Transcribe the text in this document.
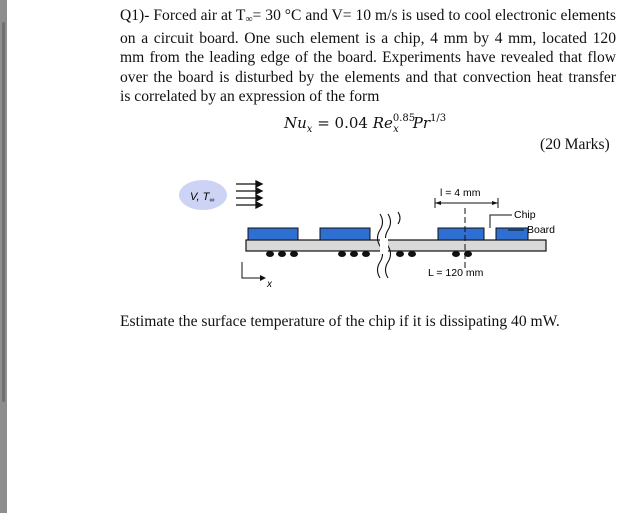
Q1)- Forced air at $T_\infty= 30$ °C and V= 10 m/s is used to cool electronic elements
on a circuit board. One such element is a chip, 4 mm by 4 mm, located 120
mm from the leading edge of the board. Experiments have revealed that flow
over the board is disturbed by the elements and that convection heat transfer
is correlated by an expression of the form

$Nu_x = 0.04$ $Re^{0.85}_x$ $Pr^{1/3}$
(20 Marks)
V, T∞
l = 4 mm
Chip
Board
L = 120 mm
x
Estimate the surface temperature of the chip if it is dissipating 40 mW.
